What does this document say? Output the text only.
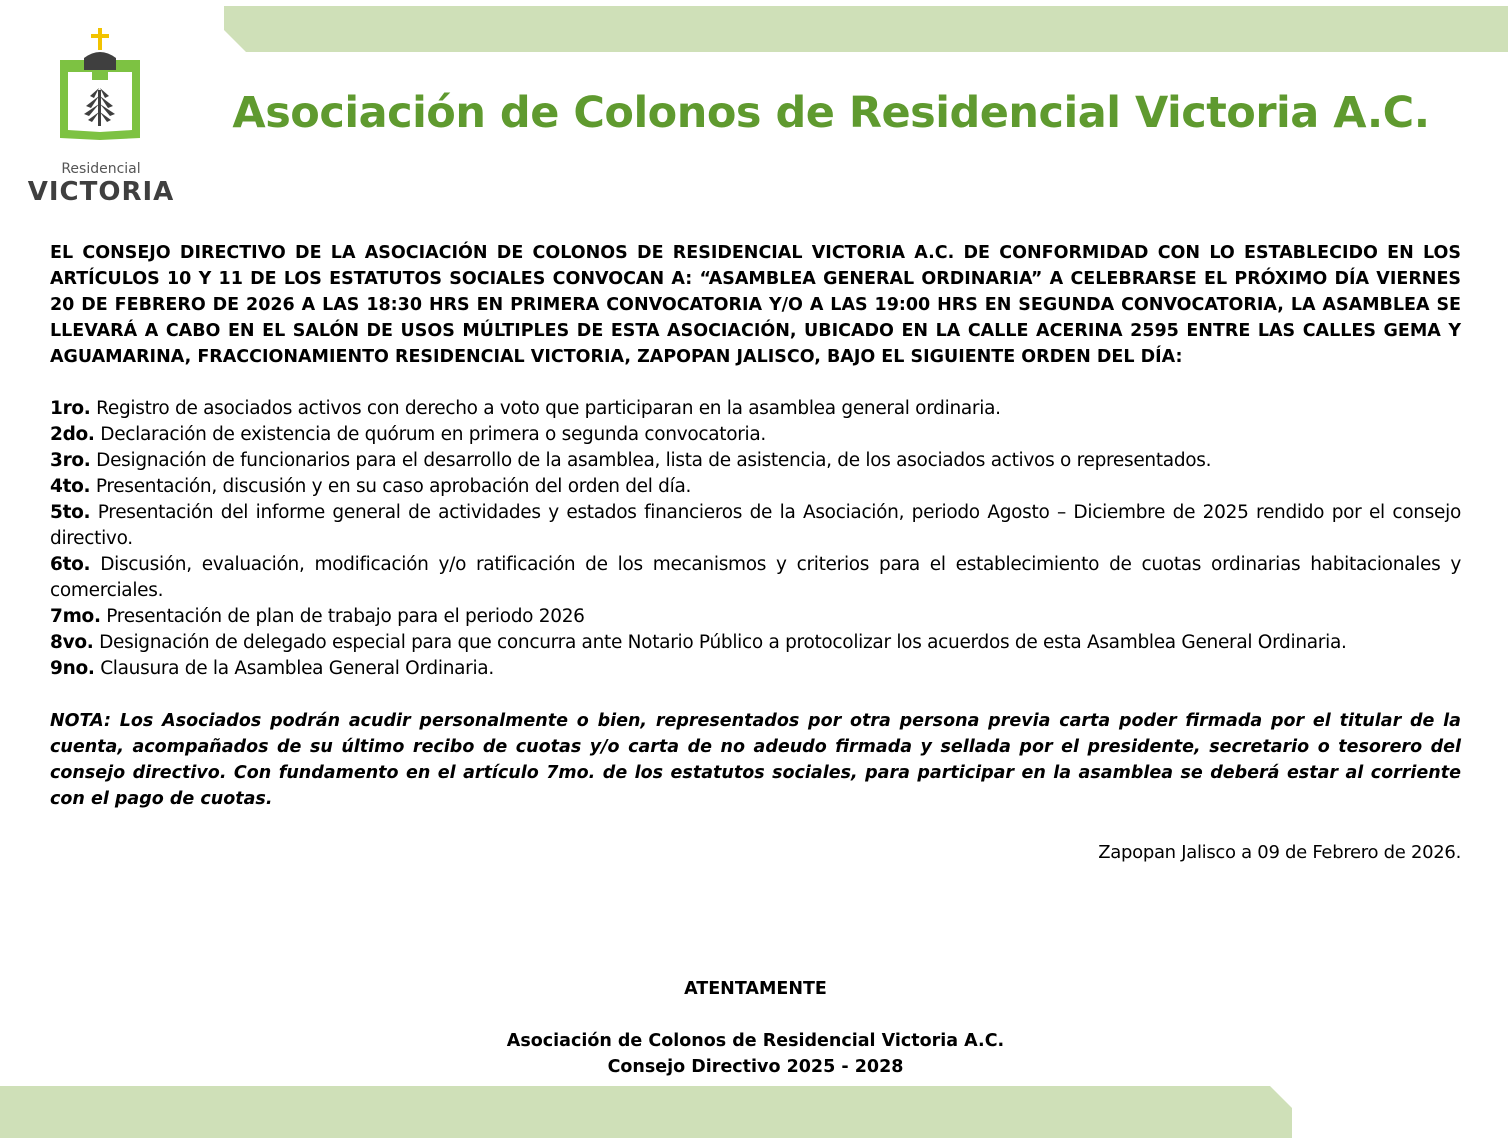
Residencial
VICTORIA
Asociación de Colonos de Residencial Victoria A.C.

EL CONSEJO DIRECTIVO DE LA ASOCIACIÓN DE COLONOS DE RESIDENCIAL VICTORIA A.C. DE CONFORMIDAD CON LO ESTABLECIDO EN LOS ARTÍCULOS 10 Y 11 DE LOS ESTATUTOS SOCIALES CONVOCAN A: “ASAMBLEA GENERAL ORDINARIA” A CELEBRARSE EL PRÓXIMO DÍA VIERNES 20 DE FEBRERO DE 2026 A LAS 18:30 HRS EN PRIMERA CONVOCATORIA Y/O A LAS 19:00 HRS EN SEGUNDA CONVOCATORIA, LA ASAMBLEA SE LLEVARÁ A CABO EN EL SALÓN DE USOS MÚLTIPLES DE ESTA ASOCIACIÓN, UBICADO EN LA CALLE ACERINA 2595 ENTRE LAS CALLES GEMA Y AGUAMARINA, FRACCIONAMIENTO RESIDENCIAL VICTORIA, ZAPOPAN JALISCO, BAJO EL SIGUIENTE ORDEN DEL DÍA:

1ro. Registro de asociados activos con derecho a voto que participaran en la asamblea general ordinaria.
2do. Declaración de existencia de quórum en primera o segunda convocatoria.
3ro. Designación de funcionarios para el desarrollo de la asamblea, lista de asistencia, de los asociados activos o representados.
4to. Presentación, discusión y en su caso aprobación del orden del día.
5to. Presentación del informe general de actividades y estados financieros de la Asociación, periodo Agosto – Diciembre de 2025 rendido por el consejo directivo.
6to. Discusión, evaluación, modificación y/o ratificación de los mecanismos y criterios para el establecimiento de cuotas ordinarias habitacionales y comerciales.
7mo. Presentación de plan de trabajo para el periodo 2026
8vo. Designación de delegado especial para que concurra ante Notario Público a protocolizar los acuerdos de esta Asamblea General Ordinaria.
9no. Clausura de la Asamblea General Ordinaria.

NOTA: Los Asociados podrán acudir personalmente o bien, representados por otra persona previa carta poder firmada por el titular de la cuenta, acompañados de su último recibo de cuotas y/o carta de no adeudo firmada y sellada por el presidente, secretario o tesorero del consejo directivo. Con fundamento en el artículo 7mo. de los estatutos sociales, para participar en la asamblea se deberá estar al corriente con el pago de cuotas.

Zapopan Jalisco a 09 de Febrero de 2026.

ATENTAMENTE
Asociación de Colonos de Residencial Victoria A.C.
Consejo Directivo 2025 - 2028
